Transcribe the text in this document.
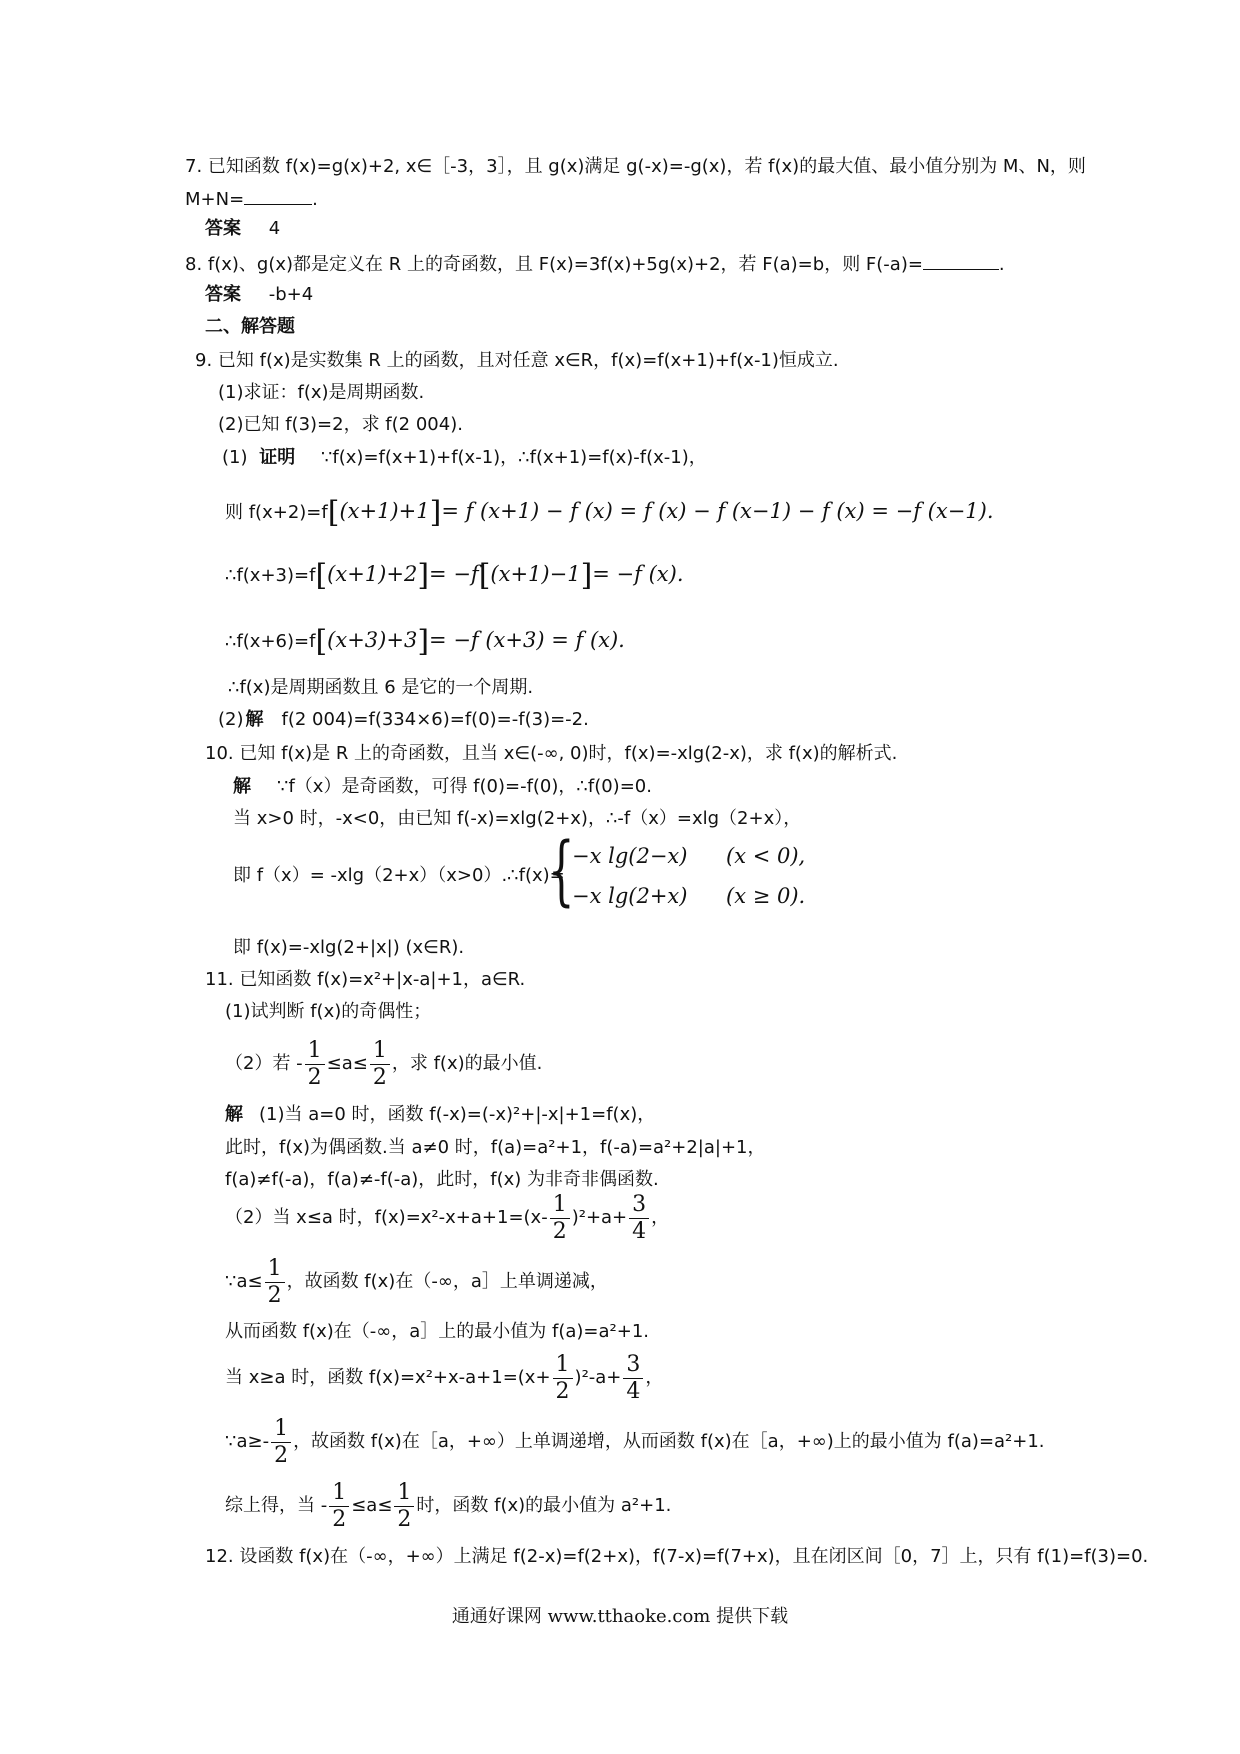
7. 已知函数 f(x)=g(x)+2, x∈［-3，3］，且 g(x)满足 g(-x)=-g(x)，若 f(x)的最大值、最小值分别为 M、N，则
M+N=	.
答案 4
8. f(x)、g(x)都是定义在 R 上的奇函数，且 F(x)=3f(x)+5g(x)+2，若 F(a)=b，则 F(-a)=	.
答案 -b+4
二、解答题
9. 已知 f(x)是实数集 R 上的函数，且对任意 x∈R，f(x)=f(x+1)+f(x-1)恒成立.
(1)求证：f(x)是周期函数.
(2)已知 f(3)=2，求 f(2 004).
(1) 证明 ∵f(x)=f(x+1)+f(x-1)，∴f(x+1)=f(x)-f(x-1)，
则 f(x+2)=f[(x+1)+1]= f (x+1) − f (x) = f (x) − f (x−1) − f (x) = −f (x−1).
∴f(x+3)=f[(x+1)+2]= −f[(x+1)−1]= −f (x).
∴f(x+6)=f[(x+3)+3]= −f (x+3) = f (x).
∴f(x)是周期函数且 6 是它的一个周期.
(2) 解 f(2 004)=f(334×6)=f(0)=-f(3)=-2.
10. 已知 f(x)是 R 上的奇函数，且当 x∈(-∞, 0)时，f(x)=-xlg(2-x)，求 f(x)的解析式.
解 ∵f（x）是奇函数，可得 f(0)=-f(0)，∴f(0)=0.
当 x>0 时，-x<0，由已知 f(-x)=xlg(2+x)，∴-f（x）=xlg（2+x），
即 f（x）= -xlg（2+x）（x>0）.∴f(x)=
{
−x lg(2−x) (x < 0),
−x lg(2+x) (x ≥ 0).
即 f(x)=-xlg(2+|x|) (x∈R).
11. 已知函数 f(x)=x²+|x-a|+1，a∈R.
(1)试判断 f(x)的奇偶性；
（2）若 - $\frac{1}{2} \le a\le \frac{1}{2}$ ，求 f(x)的最小值.
解 (1)当 a=0 时，函数 f(-x)=(-x)²+|-x|+1=f(x)，
此时，f(x)为偶函数.当 a≠0 时，f(a)=a²+1，f(-a)=a²+2|a|+1，
f(a)≠f(-a)，f(a)≠-f(-a)，此时，f(x) 为非奇非偶函数.
（2）当 x≤a 时，$f(x)=x^2-x+a+1=(x- \frac{1}{2} )^2+a+ \frac{3}{4}$ ，
∵a≤ $\frac{1}{2}$ ，故函数 f(x)在（-∞，a］上单调递减，
从而函数 f(x)在（-∞，a］上的最小值为 f(a)=a²+1.
当 x≥a 时，函数 $f(x)=x^2+x-a+1=(x+ \frac{1}{2} )^2-a+ \frac{3}{4}$ ，
∵a≥- $\frac{1}{2}$ ，故函数 f(x)在［a，+∞）上单调递增，从而函数 f(x)在［a，+∞)上的最小值为 f(a)=a²+1.
综上得，当 - $\frac{1}{2} \le a\le \frac{1}{2}$ 时，函数 f(x)的最小值为 a²+1.
12. 设函数 f(x)在（-∞，+∞）上满足 f(2-x)=f(2+x)，f(7-x)=f(7+x)，且在闭区间［0，7］上，只有 f(1)=f(3)=0.
通通好课网 www.tthaoke.com 提供下载
